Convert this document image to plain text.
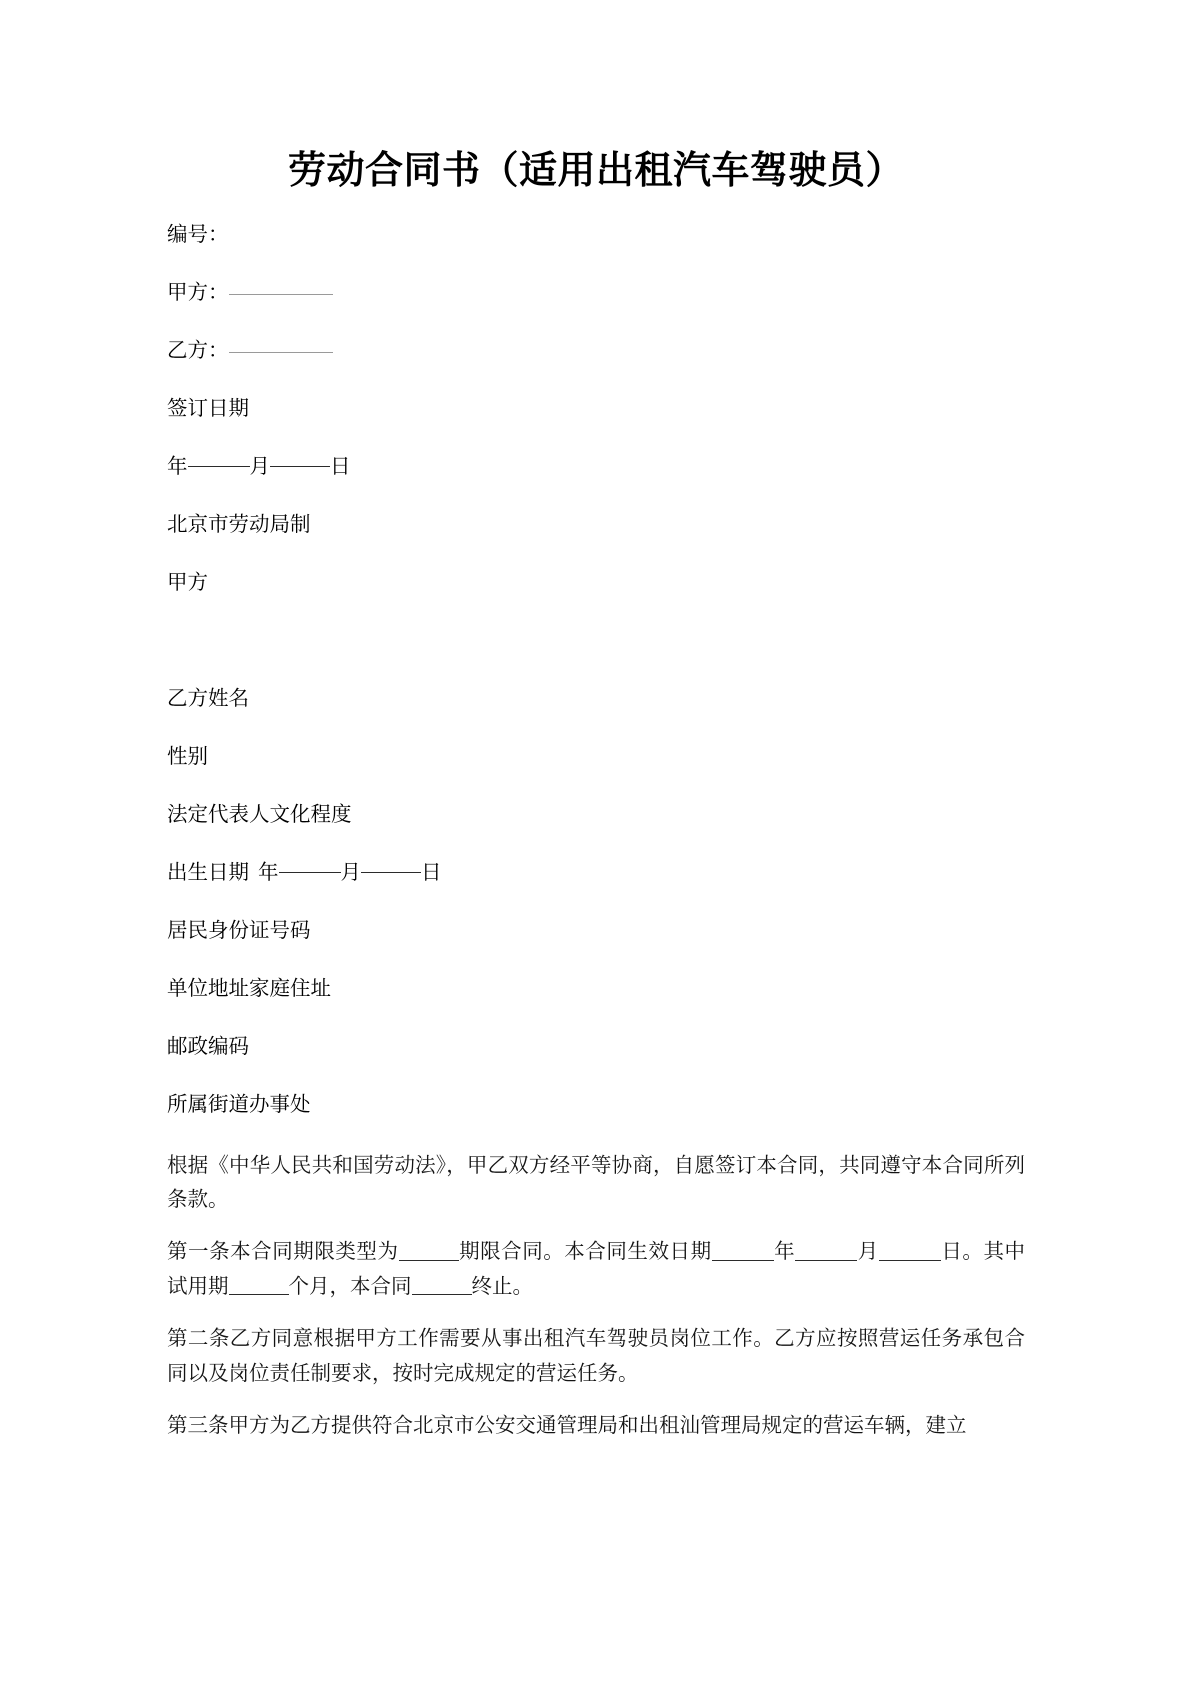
劳动合同书（适用出租汽车驾驶员）
编号：
甲方：
乙方：
签订日期
年	月	日
北京市劳动局制
甲方
乙方姓名
性别
法定代表人文化程度
出生日期 年	月	日
居民身份证号码
单位地址家庭住址
邮政编码
所属街道办事处

根据《中华人民共和国劳动法》，甲乙双方经平等协商，自愿签订本合同，共同遵守本合同所列条款。

第一条本合同期限类型为	期限合同。本合同生效日期	年	月	日。其中试用期	个月，本合同	终止。

第二条乙方同意根据甲方工作需要从事出租汽车驾驶员岗位工作。乙方应按照营运任务承包合同以及岗位责任制要求，按时完成规定的营运任务。

第三条甲方为乙方提供符合北京市公安交通管理局和出租汕管理局规定的营运车辆，建立
